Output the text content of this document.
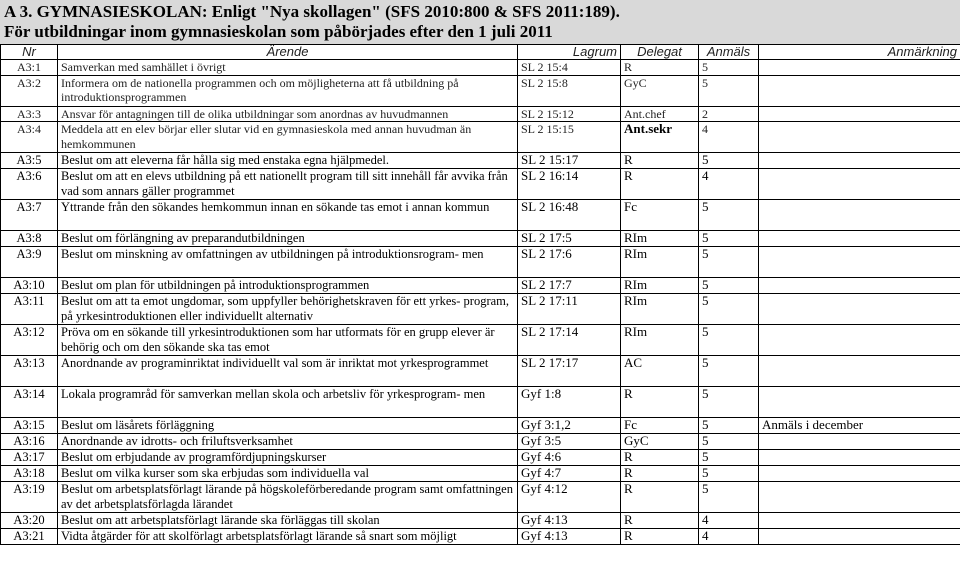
A 3. GYMNASIESKOLAN: Enligt "Nya skollagen" (SFS 2010:800 & SFS 2011:189).
För utbildningar inom gymnasieskolan som påbörjades efter den 1 juli 2011
Nr	Ärende	Lagrum	Delegat	Anmäls	Anmärkning
A3:1	Samverkan med samhället i övrigt	SL 2 15:4	R	5	
A3:2	Informera om de nationella programmen och om möjligheterna att få utbildning på introduktionsprogrammen	SL 2 15:8	GyC	5	
A3:3	Ansvar för antagningen till de olika utbildningar som anordnas av huvudmannen	SL 2 15:12	Ant.chef	2	
A3:4	Meddela att en elev börjar eller slutar vid en gymnasieskola med annan huvudman än hemkommunen	SL 2 15:15	Ant.sekr	4	
A3:5	Beslut om att eleverna får hålla sig med enstaka egna hjälpmedel.	SL 2 15:17	R	5	
A3:6	Beslut om att en elevs utbildning på ett nationellt program till sitt innehåll får avvika från vad som annars gäller programmet	SL 2 16:14	R	4	
A3:7	Yttrande från den sökandes hemkommun innan en sökande tas emot i annan kommun	SL 2 16:48	Fc	5	
A3:8	Beslut om förlängning av preparandutbildningen	SL 2 17:5	RIm	5	
A3:9	Beslut om minskning av omfattningen av utbildningen på introduktionsrogram- men	SL 2 17:6	RIm	5	
A3:10	Beslut om plan för utbildningen på introduktionsprogrammen	SL 2 17:7	RIm	5	
A3:11	Beslut om att ta emot ungdomar, som uppfyller behörighetskraven för ett yrkes- program, på yrkesintroduktionen eller individuellt alternativ	SL 2 17:11	RIm	5	
A3:12	Pröva om en sökande till yrkesintroduktionen som har utformats för en grupp elever är behörig och om den sökande ska tas emot	SL 2 17:14	RIm	5	
A3:13	Anordnande av programinriktat individuellt val som är inriktat mot yrkesprogrammet	SL 2 17:17	AC	5	
A3:14	Lokala programråd för samverkan mellan skola och arbetsliv för yrkesprogram- men	Gyf 1:8	R	5	
A3:15	Beslut om läsårets förläggning	Gyf 3:1,2	Fc	5	Anmäls i december
A3:16	Anordnande av idrotts- och friluftsverksamhet	Gyf 3:5	GyC	5	
A3:17	Beslut om erbjudande av programfördjupningskurser	Gyf 4:6	R	5	
A3:18	Beslut om vilka kurser som ska erbjudas som individuella val	Gyf 4:7	R	5	
A3:19	Beslut om arbetsplatsförlagt lärande på högskoleförberedande program samt omfattningen av det arbetsplatsförlagda lärandet	Gyf 4:12	R	5	
A3:20	Beslut om att arbetsplatsförlagt lärande ska förläggas till skolan	Gyf 4:13	R	4	
A3:21	Vidta åtgärder för att skolförlagt arbetsplatsförlagt lärande så snart som möjligt	Gyf 4:13	R	4	
